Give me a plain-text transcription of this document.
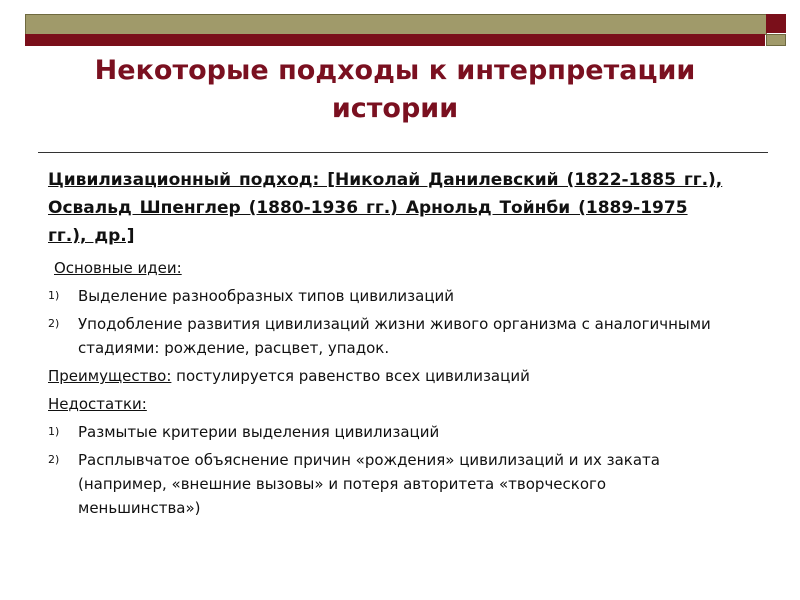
Некоторые подходы к интерпретации истории
Цивилизационный подход: [Николай Данилевский (1822-1885 гг.), Освальд Шпенглер (1880-1936 гг.) Арнольд Тойнби (1889-1975 гг.), др.]
Основные идеи:
1)	Выделение разнообразных типов цивилизаций
2)	Уподобление развития цивилизаций жизни живого организма с аналогичными стадиями: рождение, расцвет, упадок.
Преимущество: постулируется равенство всех цивилизаций
Недостатки:
1)	Размытые критерии выделения цивилизаций
2)	Расплывчатое объяснение причин «рождения» цивилизаций и их заката (например, «внешние вызовы» и потеря авторитета «творческого меньшинства»)
